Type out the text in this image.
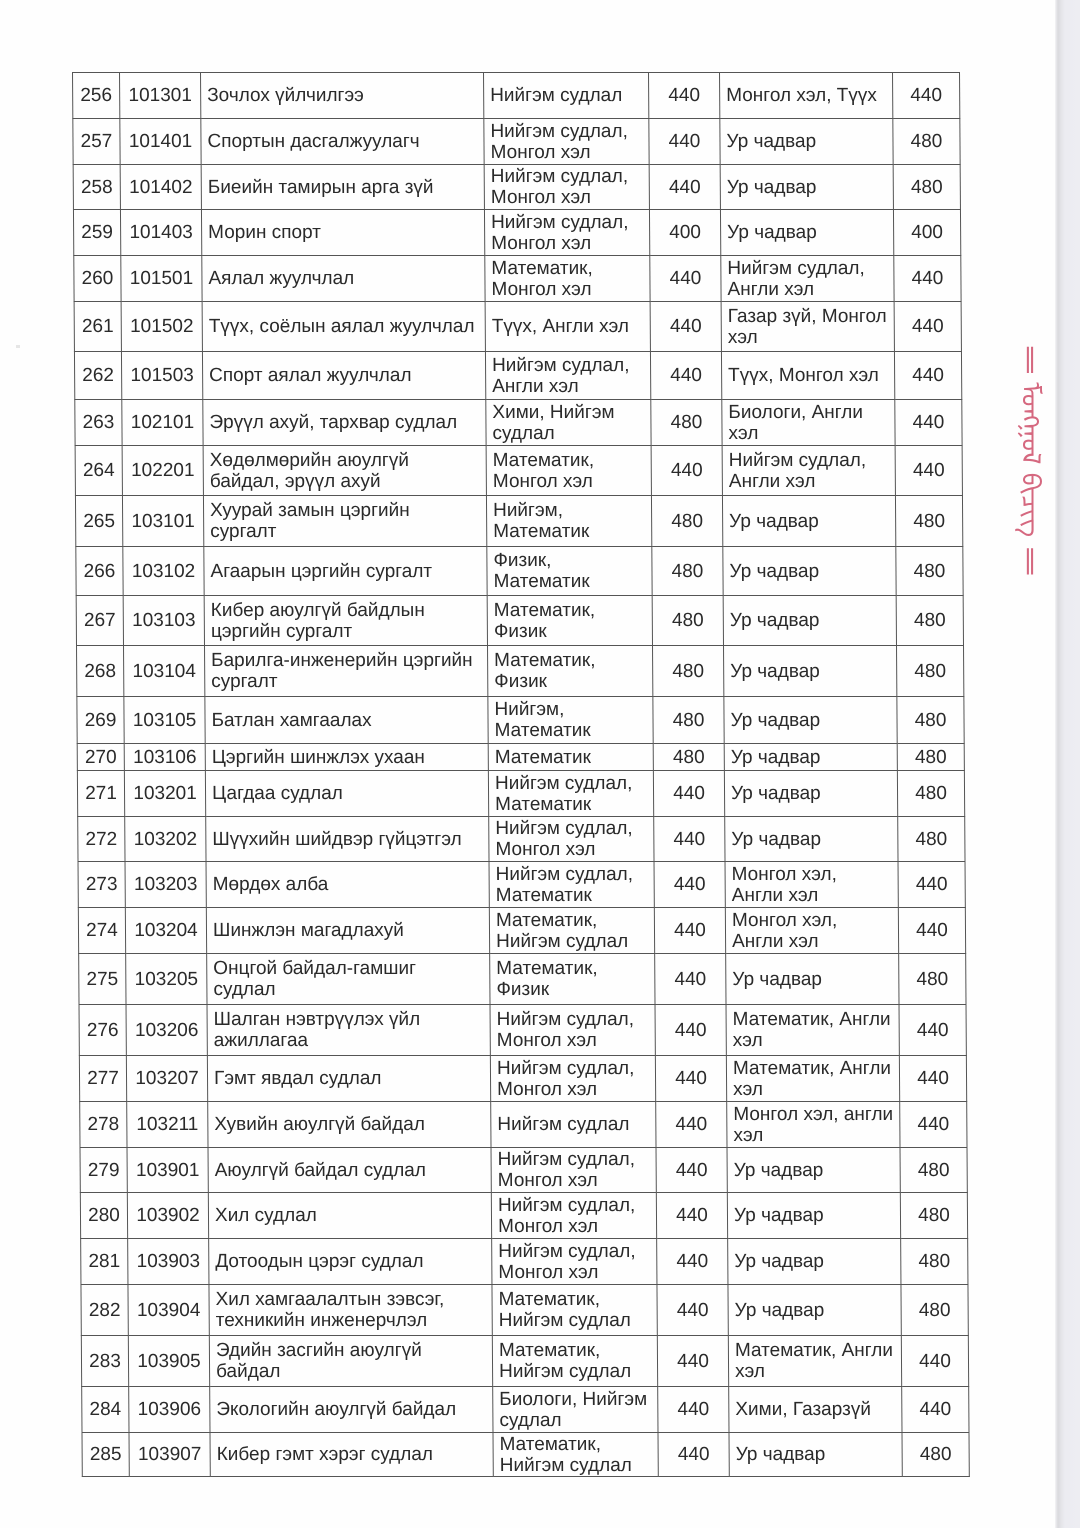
256	101301	Зочлох үйлчилгээ	Нийгэм судлал	440	Монгол хэл, Түүх	440
257	101401	Спортын дасгалжуулагч	Нийгэм судлал, Монгол хэл	440	Ур чадвар	480
258	101402	Биеийн тамирын арга зүй	Нийгэм судлал, Монгол хэл	440	Ур чадвар	480
259	101403	Морин спорт	Нийгэм судлал, Монгол хэл	400	Ур чадвар	400
260	101501	Аялал жуулчлал	Математик, Монгол хэл	440	Нийгэм судлал, Англи хэл	440
261	101502	Түүх, соёлын аялал жуулчлал	Түүх, Англи хэл	440	Газар зүй, Монгол хэл	440
262	101503	Спорт аялал жуулчлал	Нийгэм судлал, Англи хэл	440	Түүх, Монгол хэл	440
263	102101	Эрүүл ахуй, тархвар судлал	Хими, Нийгэм судлал	480	Биологи, Англи хэл	440
264	102201	Хөдөлмөрийн аюулгүй байдал, эрүүл ахуй	Математик, Монгол хэл	440	Нийгэм судлал, Англи хэл	440
265	103101	Хуурай замын цэргийн сургалт	Нийгэм, Математик	480	Ур чадвар	480
266	103102	Агаарын цэргийн сургалт	Физик, Математик	480	Ур чадвар	480
267	103103	Кибер аюулгүй байдлын цэргийн сургалт	Математик, Физик	480	Ур чадвар	480
268	103104	Барилга-инженерийн цэргийн сургалт	Математик, Физик	480	Ур чадвар	480
269	103105	Батлан хамгаалах	Нийгэм, Математик	480	Ур чадвар	480
270	103106	Цэргийн шинжлэх ухаан	Математик	480	Ур чадвар	480
271	103201	Цагдаа судлал	Нийгэм судлал, Математик	440	Ур чадвар	480
272	103202	Шүүхийн шийдвэр гүйцэтгэл	Нийгэм судлал, Монгол хэл	440	Ур чадвар	480
273	103203	Мөрдөх алба	Нийгэм судлал, Математик	440	Монгол хэл, Англи хэл	440
274	103204	Шинжлэн магадлахуй	Математик, Нийгэм судлал	440	Монгол хэл, Англи хэл	440
275	103205	Онцгой байдал-гамшиг судлал	Математик, Физик	440	Ур чадвар	480
276	103206	Шалган нэвтрүүлэх үйл ажиллагаа	Нийгэм судлал, Монгол хэл	440	Математик, Англи хэл	440
277	103207	Гэмт явдал судлал	Нийгэм судлал, Монгол хэл	440	Математик, Англи хэл	440
278	103211	Хувийн аюулгүй байдал	Нийгэм судлал	440	Монгол хэл, англи хэл	440
279	103901	Аюулгүй байдал судлал	Нийгэм судлал, Монгол хэл	440	Ур чадвар	480
280	103902	Хил судлал	Нийгэм судлал, Монгол хэл	440	Ур чадвар	480
281	103903	Дотоодын цэрэг судлал	Нийгэм судлал, Монгол хэл	440	Ур чадвар	480
282	103904	Хил хамгаалалтын зэвсэг, техникийн инженерчлэл	Математик, Нийгэм судлал	440	Ур чадвар	480
283	103905	Эдийн засгийн аюулгүй байдал	Математик, Нийгэм судлал	440	Математик, Англи хэл	440
284	103906	Экологийн аюулгүй байдал	Биологи, Нийгэм судлал	440	Хими, Газарзүй	440
285	103907	Кибер гэмт хэрэг судлал	Математик, Нийгэм судлал	440	Ур чадвар	480
‖ ᠮᠣᠩᠭᠣᠯ ᠪᠢᠴᠢᠭ ‖
